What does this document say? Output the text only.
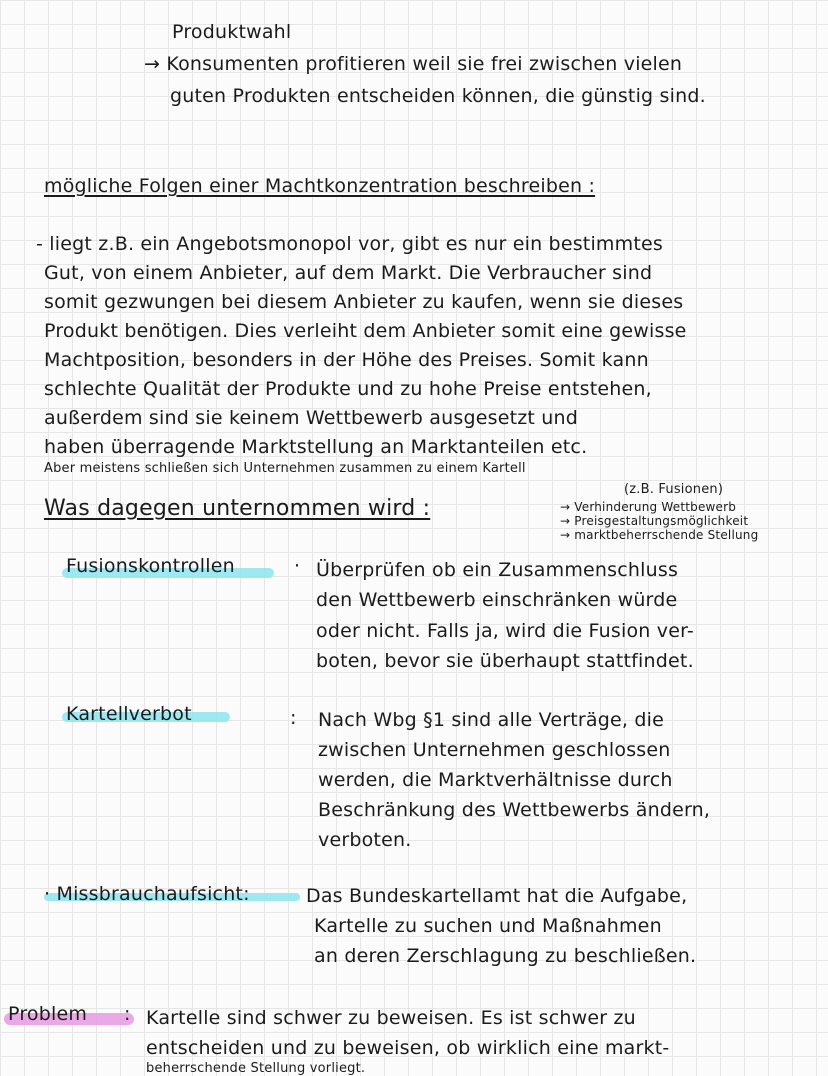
Produktwahl
→ Konsumenten profitieren weil sie frei zwischen vielen
guten Produkten entscheiden können, die günstig sind.
mögliche Folgen einer Machtkonzentration beschreiben :
- liegt z.B. ein Angebotsmonopol vor, gibt es nur ein bestimmtes
Gut, von einem Anbieter, auf dem Markt. Die Verbraucher sind
somit gezwungen bei diesem Anbieter zu kaufen, wenn sie dieses
Produkt benötigen. Dies verleiht dem Anbieter somit eine gewisse
Machtposition, besonders in der Höhe des Preises. Somit kann
schlechte Qualität der Produkte und zu hohe Preise entstehen,
außerdem sind sie keinem Wettbewerb ausgesetzt und
haben überragende Marktstellung an Marktanteilen etc.
Aber meistens schließen sich Unternehmen zusammen zu einem Kartell
(z.B. Fusionen)
Was dagegen unternommen wird :	→ Verhinderung Wettbewerb
→ Preisgestaltungsmöglichkeit
→ marktbeherrschende Stellung
Fusionskontrollen	· Überprüfen ob ein Zusammenschluss
den Wettbewerb einschränken würde
oder nicht. Falls ja, wird die Fusion ver-
boten, bevor sie überhaupt stattfindet.
Kartellverbot	: Nach Wbg §1 sind alle Verträge, die
zwischen Unternehmen geschlossen
werden, die Marktverhältnisse durch
Beschränkung des Wettbewerbs ändern,
verboten.
· Missbrauchaufsicht:	Das Bundeskartellamt hat die Aufgabe,
Kartelle zu suchen und Maßnahmen
an deren Zerschlagung zu beschließen.
Problem : Kartelle sind schwer zu beweisen. Es ist schwer zu
entscheiden und zu beweisen, ob wirklich eine markt-
beherrschende Stellung vorliegt.
